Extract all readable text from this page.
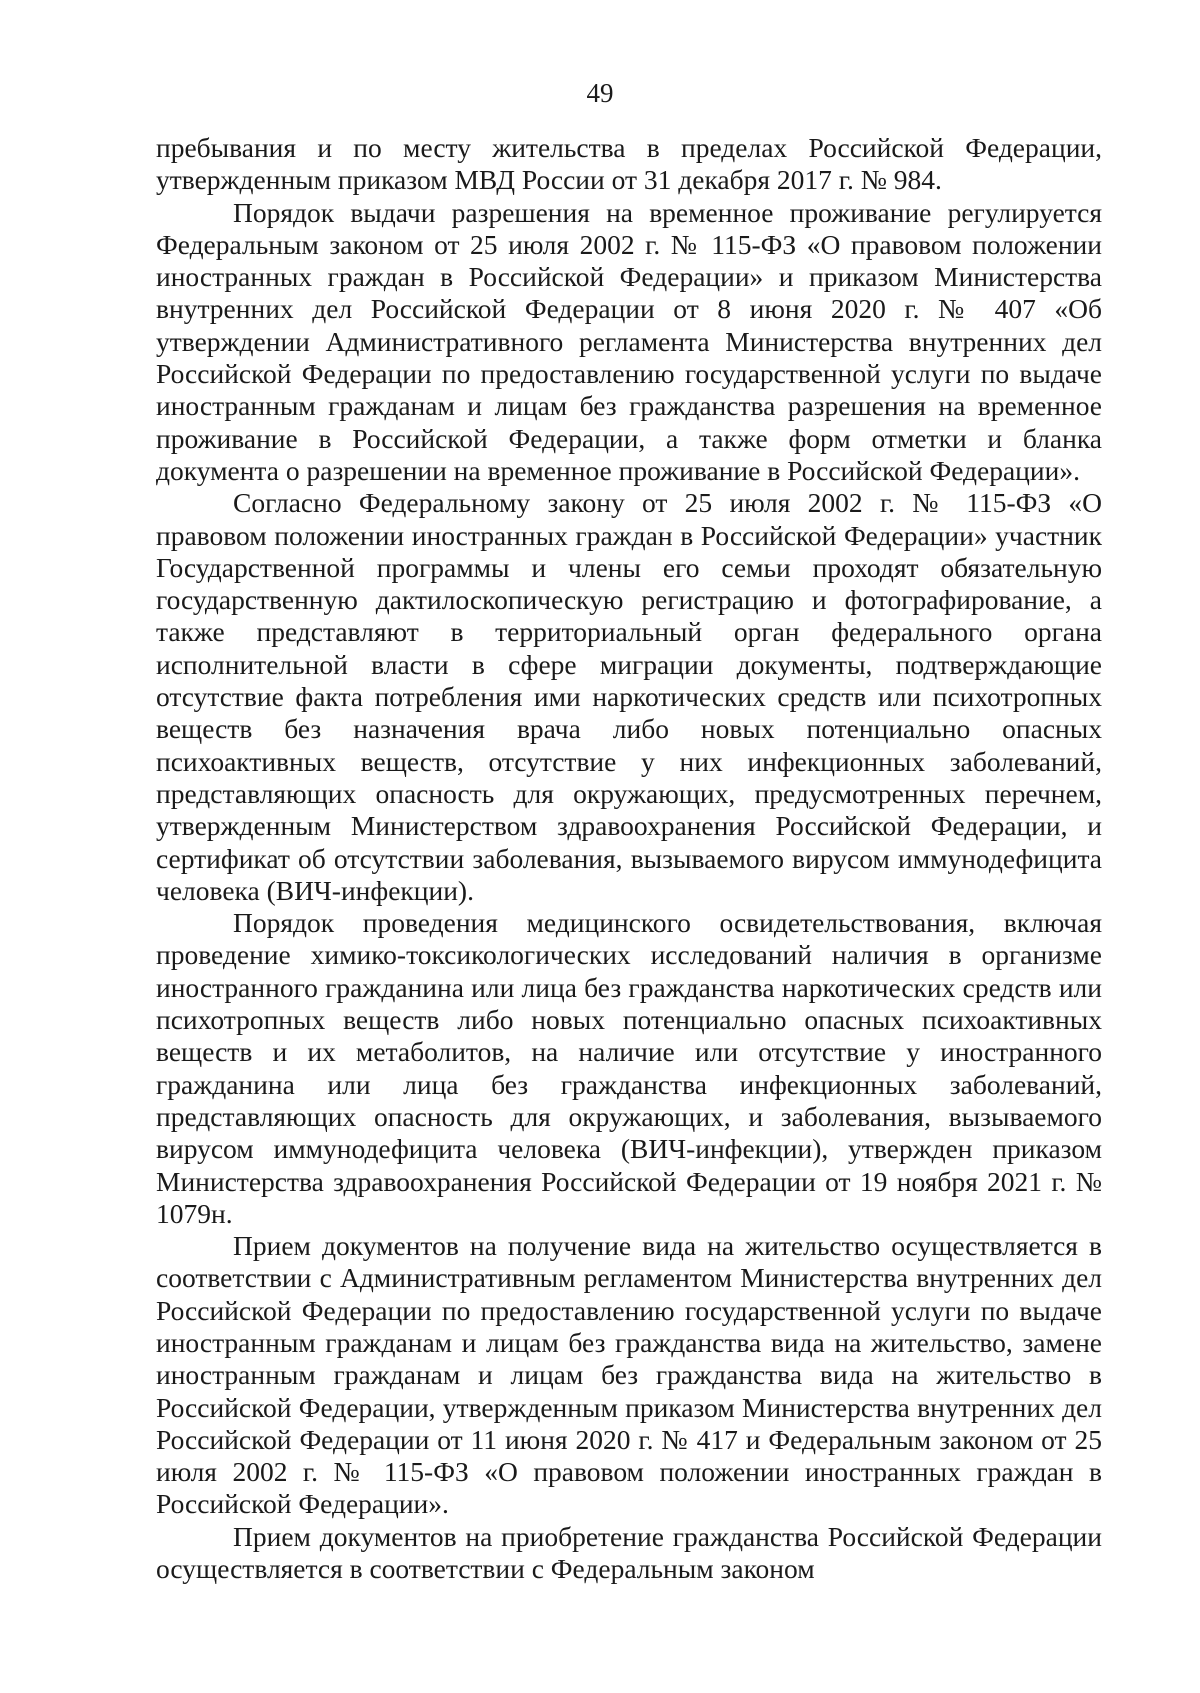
49

пребывания и по месту жительства в пределах Российской Федерации, утвержденным приказом МВД России от 31 декабря 2017 г. № 984.

Порядок выдачи разрешения на временное проживание регулируется Федеральным законом от 25 июля 2002 г. № 115-ФЗ «О правовом положении иностранных граждан в Российской Федерации» и приказом Министерства внутренних дел Российской Федерации от 8 июня 2020 г. № 407 «Об утверждении Административного регламента Министерства внутренних дел Российской Федерации по предоставлению государственной услуги по выдаче иностранным гражданам и лицам без гражданства разрешения на временное проживание в Российской Федерации, а также форм отметки и бланка документа о разрешении на временное проживание в Российской Федерации».

Согласно Федеральному закону от 25 июля 2002 г. № 115-ФЗ «О правовом положении иностранных граждан в Российской Федерации» участник Государственной программы и члены его семьи проходят обязательную государственную дактилоскопическую регистрацию и фотографирование, а также представляют в территориальный орган федерального органа исполнительной власти в сфере миграции документы, подтверждающие отсутствие факта потребления ими наркотических средств или психотропных веществ без назначения врача либо новых потенциально опасных психоактивных веществ, отсутствие у них инфекционных заболеваний, представляющих опасность для окружающих, предусмотренных перечнем, утвержденным Министерством здравоохранения Российской Федерации, и сертификат об отсутствии заболевания, вызываемого вирусом иммунодефицита человека (ВИЧ-инфекции).

Порядок проведения медицинского освидетельствования, включая проведение химико-токсикологических исследований наличия в организме иностранного гражданина или лица без гражданства наркотических средств или психотропных веществ либо новых потенциально опасных психоактивных веществ и их метаболитов, на наличие или отсутствие у иностранного гражданина или лица без гражданства инфекционных заболеваний, представляющих опасность для окружающих, и заболевания, вызываемого вирусом иммунодефицита человека (ВИЧ-инфекции), утвержден приказом Министерства здравоохранения Российской Федерации от 19 ноября 2021 г. № 1079н.

Прием документов на получение вида на жительство осуществляется в соответствии с Административным регламентом Министерства внутренних дел Российской Федерации по предоставлению государственной услуги по выдаче иностранным гражданам и лицам без гражданства вида на жительство, замене иностранным гражданам и лицам без гражданства вида на жительство в Российской Федерации, утвержденным приказом Министерства внутренних дел Российской Федерации от 11 июня 2020 г. № 417 и Федеральным законом от 25 июля 2002 г. № 115-ФЗ «О правовом положении иностранных граждан в Российской Федерации».

Прием документов на приобретение гражданства Российской Федерации осуществляется в соответствии с Федеральным законом
